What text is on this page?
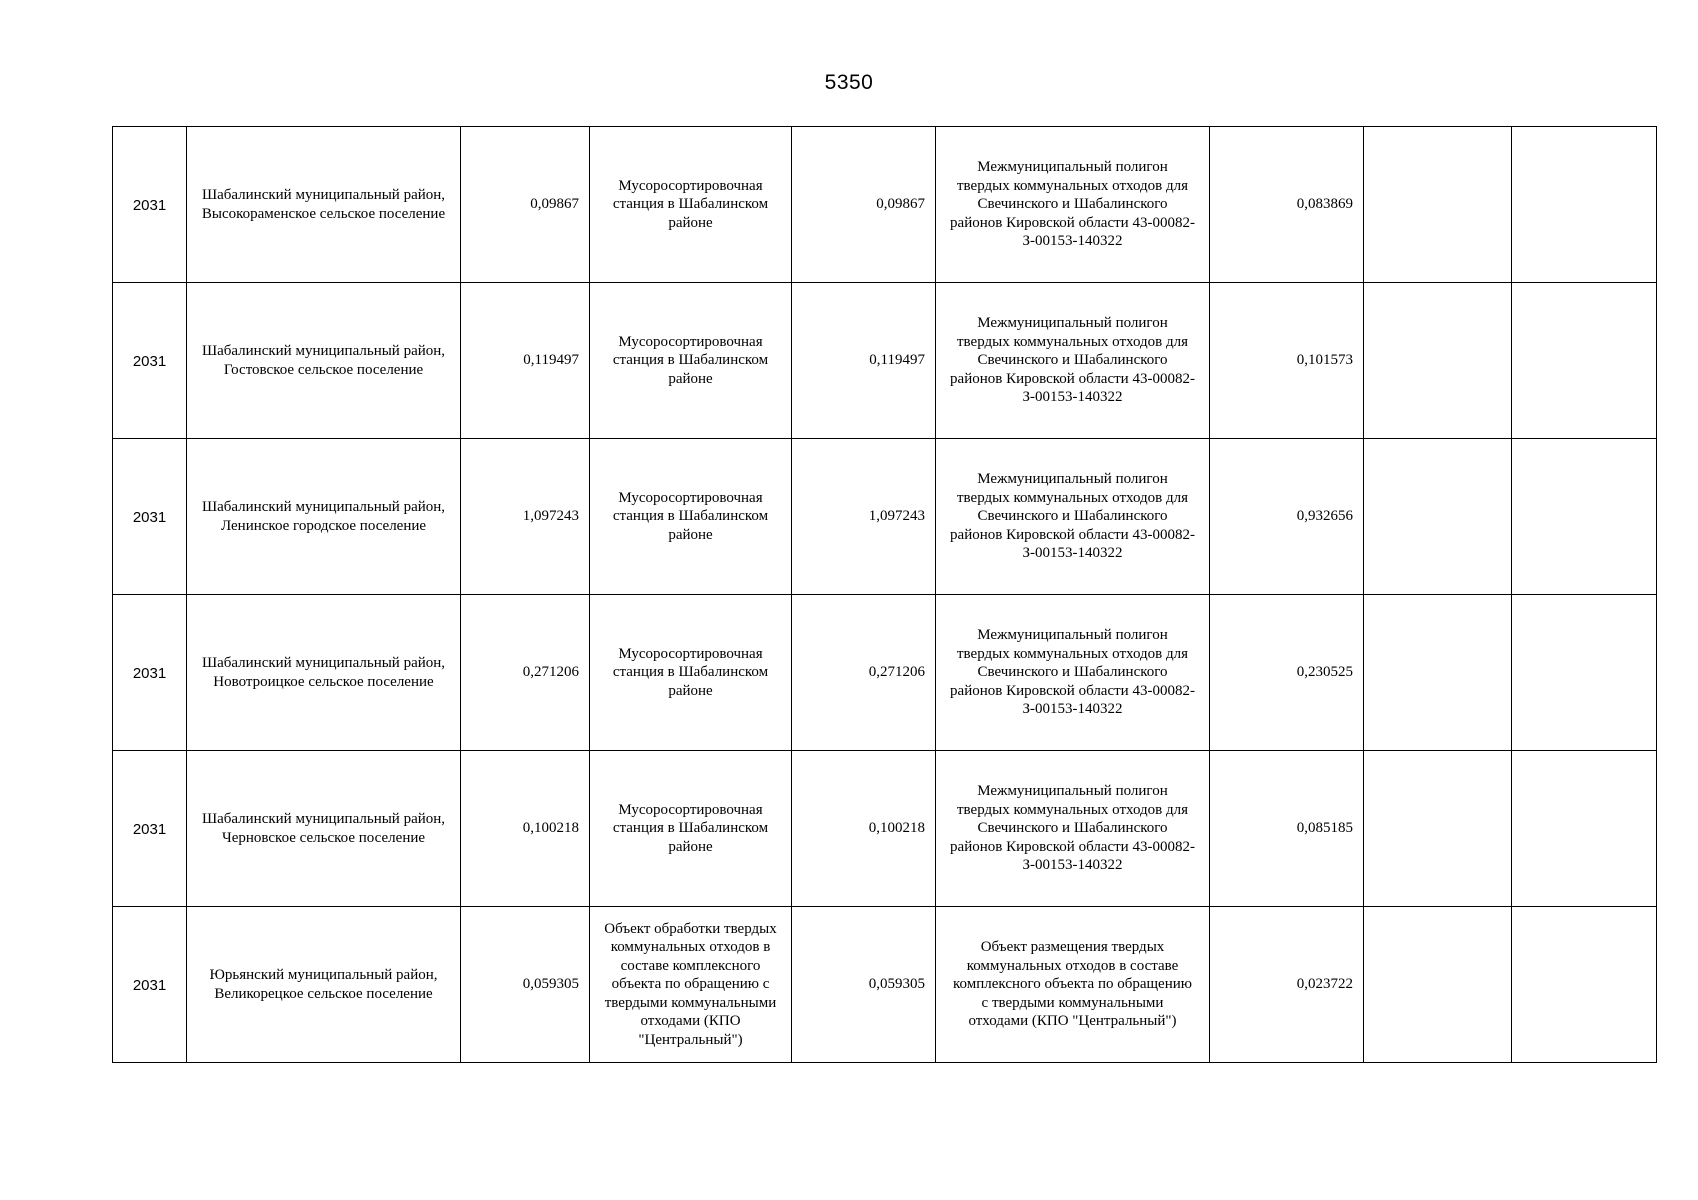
5350
2031	Шабалинский муниципальный район, Высокораменское сельское поселение	0,09867	Мусоросортировочная станция в Шабалинском районе	0,09867	Межмуниципальный полигон твердых коммунальных отходов для Свечинского и Шабалинского районов Кировской области 43-00082-З-00153-140322	0,083869		

2031	Шабалинский муниципальный район, Гостовское сельское поселение	0,119497	Мусоросортировочная станция в Шабалинском районе	0,119497	Межмуниципальный полигон твердых коммунальных отходов для Свечинского и Шабалинского районов Кировской области 43-00082-З-00153-140322	0,101573		

2031	Шабалинский муниципальный район, Ленинское городское поселение	1,097243	Мусоросортировочная станция в Шабалинском районе	1,097243	Межмуниципальный полигон твердых коммунальных отходов для Свечинского и Шабалинского районов Кировской области 43-00082-З-00153-140322	0,932656		

2031	Шабалинский муниципальный район, Новотроицкое сельское поселение	0,271206	Мусоросортировочная станция в Шабалинском районе	0,271206	Межмуниципальный полигон твердых коммунальных отходов для Свечинского и Шабалинского районов Кировской области 43-00082-З-00153-140322	0,230525		

2031	Шабалинский муниципальный район, Черновское сельское поселение	0,100218	Мусоросортировочная станция в Шабалинском районе	0,100218	Межмуниципальный полигон твердых коммунальных отходов для Свечинского и Шабалинского районов Кировской области 43-00082-З-00153-140322	0,085185		

2031	Юрьянский муниципальный район, Великорецкое сельское поселение	0,059305	Объект обработки твердых коммунальных отходов в составе комплексного объекта по обращению с твердыми коммунальными отходами (КПО "Центральный")	0,059305	Объект размещения твердых коммунальных отходов в составе комплексного объекта по обращению с твердыми коммунальными отходами (КПО "Центральный")	0,023722		
